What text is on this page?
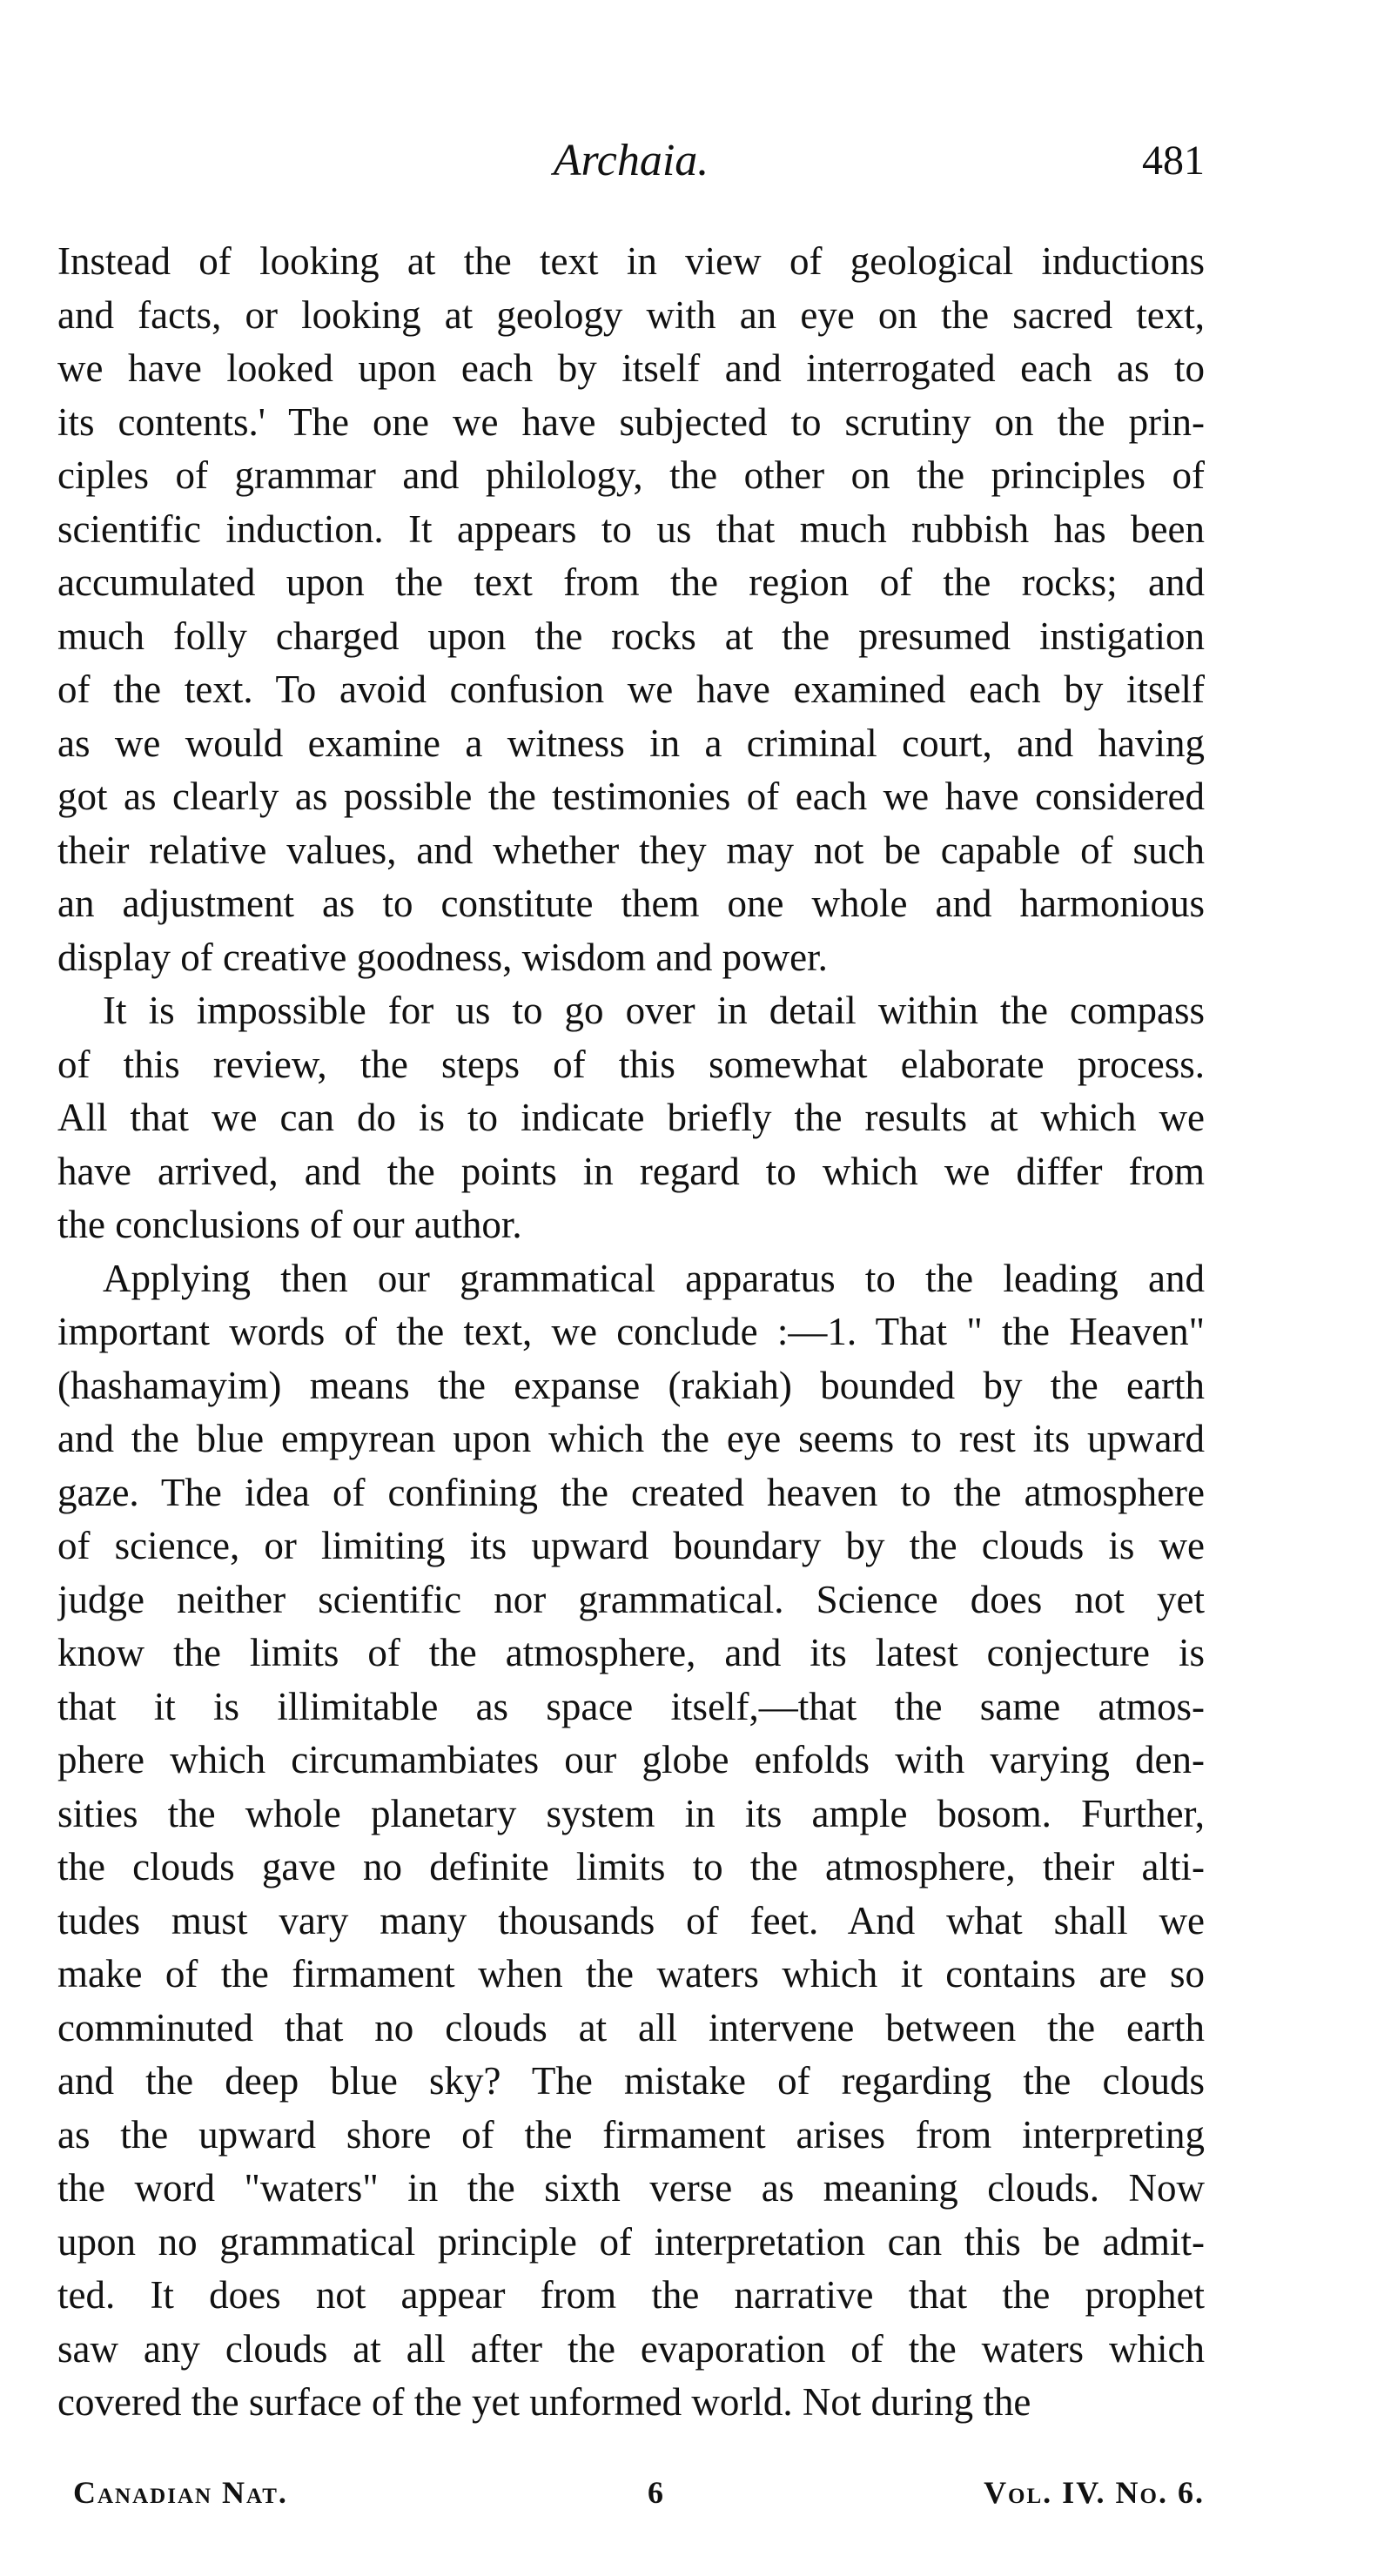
Archaia.	481
Instead of looking at the text in view of geological inductions
and facts, or looking at geology with an eye on the sacred text,
we have looked upon each by itself and interrogated each as to
its contents.' The one we have subjected to scrutiny on the prin-
ciples of grammar and philology, the other on the principles of
scientific induction. It appears to us that much rubbish has been
accumulated upon the text from the region of the rocks; and
much folly charged upon the rocks at the presumed instigation
of the text. To avoid confusion we have examined each by itself
as we would examine a witness in a criminal court, and having
got as clearly as possible the testimonies of each we have considered
their relative values, and whether they may not be capable of such
an adjustment as to constitute them one whole and harmonious
display of creative goodness, wisdom and power.
It is impossible for us to go over in detail within the compass
of this review, the steps of this somewhat elaborate process.
All that we can do is to indicate briefly the results at which we
have arrived, and the points in regard to which we differ from
the conclusions of our author.
Applying then our grammatical apparatus to the leading and
important words of the text, we conclude :—1. That " the Heaven"
(hashamayim) means the expanse (rakiah) bounded by the earth
and the blue empyrean upon which the eye seems to rest its upward
gaze. The idea of confining the created heaven to the atmosphere
of science, or limiting its upward boundary by the clouds is we
judge neither scientific nor grammatical. Science does not yet
know the limits of the atmosphere, and its latest conjecture is
that it is illimitable as space itself,—that the same atmos-
phere which circumambiates our globe enfolds with varying den-
sities the whole planetary system in its ample bosom. Further,
the clouds gave no definite limits to the atmosphere, their alti-
tudes must vary many thousands of feet. And what shall we
make of the firmament when the waters which it contains are so
comminuted that no clouds at all intervene between the earth
and the deep blue sky? The mistake of regarding the clouds
as the upward shore of the firmament arises from interpreting
the word "waters" in the sixth verse as meaning clouds. Now
upon no grammatical principle of interpretation can this be admit-
ted. It does not appear from the narrative that the prophet
saw any clouds at all after the evaporation of the waters which
covered the surface of the yet unformed world. Not during the
Canadian Nat.	6	Vol. IV. No. 6.
